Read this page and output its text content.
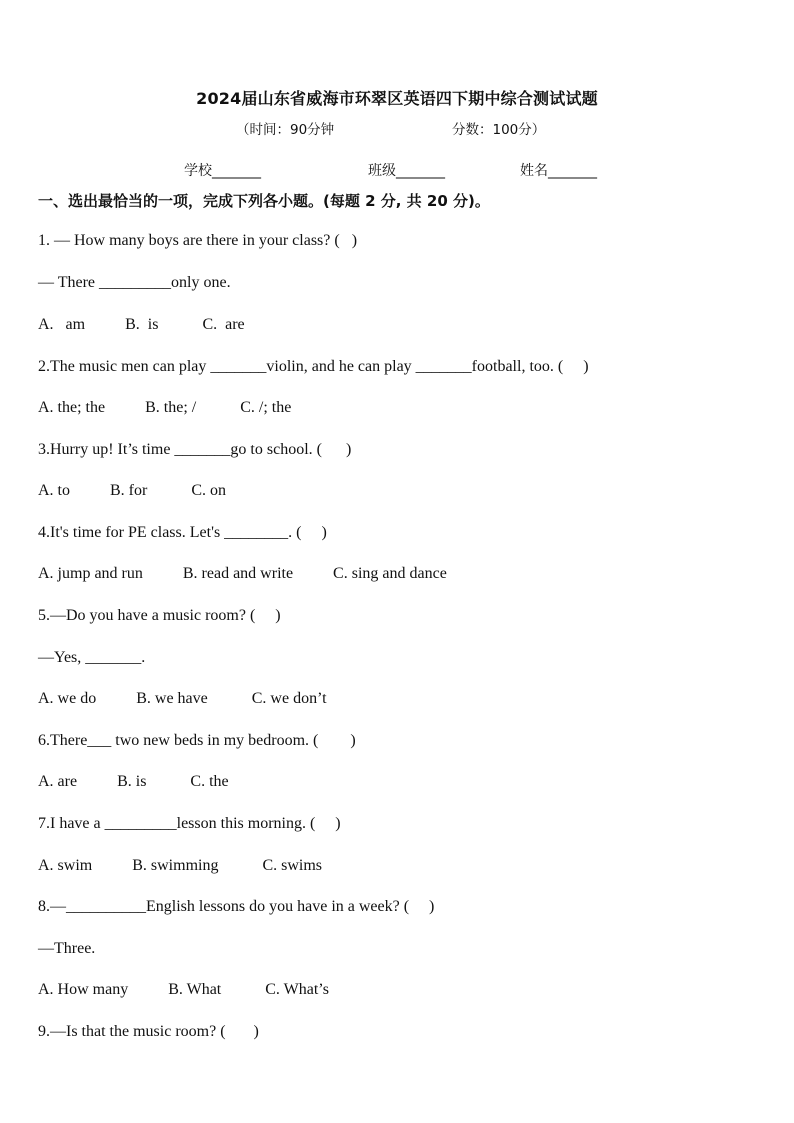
2024届山东省威海市环翠区英语四下期中综合测试试题
（时间：90分钟	分数：100分）
学校_______	班级_______	姓名_______
一、选出最恰当的一项，完成下列各小题。(每题 2 分, 共 20 分)。
1. — How many boys are there in your class? (   )
— There _________only one.
A.   am          B.  is           C.  are
2.The music men can play _______violin, and he can play _______football, too. (     )
A. the; the          B. the; /           C. /; the
3.Hurry up! It’s time _______go to school. (      )
A. to          B. for           C. on
4.It's time for PE class. Let's ________. (     )
A. jump and run          B. read and write          C. sing and dance
5.—Do you have a music room? (     )
—Yes, _______.
A. we do          B. we have           C. we don’t
6.There___ two new beds in my bedroom. (        )
A. are          B. is           C. the
7.I have a _________lesson this morning. (     )
A. swim          B. swimming           C. swims
8.—__________English lessons do you have in a week? (     )
—Three.
A. How many          B. What           C. What’s
9.—Is that the music room? (       )
